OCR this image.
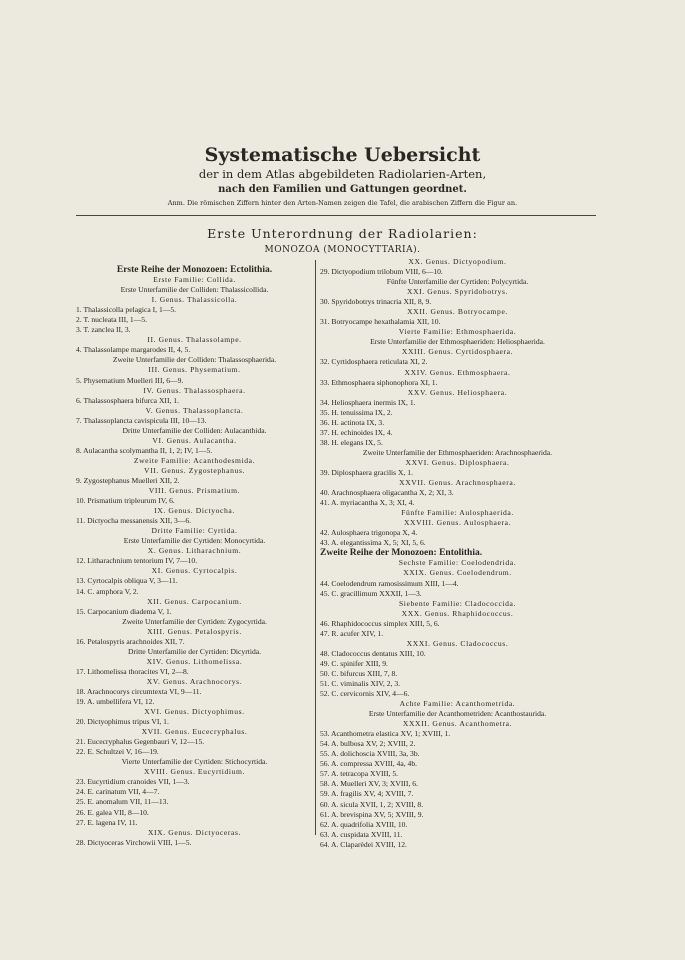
Systematische Uebersicht
der in dem Atlas abgebildeten Radiolarien-Arten,
nach den Familien und Gattungen geordnet.
Anm. Die römischen Ziffern hinter den Arten-Namen zeigen die Tafel, die arabischen Ziffern die Figur an.
Erste Unterordnung der Radiolarien:
MONOZOA (MONOCYTTARIA).
Erste Reihe der Monozoen: Ectolithia.
Erste Familie: Collida.
Erste Unterfamilie der Colliden: Thalassicollida.
I. Genus. Thalassicolla.
1. Thalassicolla pelagica I, 1—5.
2. T. nucleata III, 1—5.
3. T. zanclea II, 3.
II. Genus. Thalassolampe.
4. Thalassolampe margarodes II, 4, 5.
Zweite Unterfamilie der Colliden: Thalassosphaerida.
III. Genus. Physematium.
5. Physematium Muelleri III, 6—9.
IV. Genus. Thalassosphaera.
6. Thalassosphaera bifurca XII, 1.
V. Genus. Thalassoplancta.
7. Thalassoplancta cavispicula III, 10—13.
Dritte Unterfamilie der Colliden: Aulacanthida.
VI. Genus. Aulacantha.
8. Aulacantha scolymantha II, 1, 2; IV, 1—5.
Zweite Familie: Acanthodesmida.
VII. Genus. Zygostephanus.
9. Zygostephanus Muelleri XII, 2.
VIII. Genus. Prismatium.
10. Prismatium tripleurum IV, 6.
IX. Genus. Dictyocha.
11. Dictyocha messanensis XII, 3—6.
Dritte Familie: Cyrtida.
Erste Unterfamilie der Cyrtiden: Monocyrtida.
X. Genus. Litharachnium.
12. Litharachnium tentorium IV, 7—10.
XI. Genus. Cyrtocalpis.
13. Cyrtocalpis obliqua V, 3—11.
14. C. amphora V, 2.
XII. Genus. Carpocanium.
15. Carpocanium diadema V, 1.
Zweite Unterfamilie der Cyrtiden: Zygocyrtida.
XIII. Genus. Petalospyris.
16. Petalospyris arachnoides XII, 7.
Dritte Unterfamilie der Cyrtiden: Dicyrtida.
XIV. Genus. Lithomelissa.
17. Lithomelissa thoracites VI, 2—8.
XV. Genus. Arachnocorys.
18. Arachnocorys circumtexta VI, 9—11.
19. A. umbellifera VI, 12.
XVI. Genus. Dictyophimus.
20. Dictyophimus tripus VI, 1.
XVII. Genus. Eucecryphalus.
21. Eucecryphalus Gegenbauri V, 12—15.
22. E. Schultzei V, 16—19.
Vierte Unterfamilie der Cyrtiden: Stichocyrtida.
XVIII. Genus. Eucyrtidium.
23. Eucyrtidium cranoides VII, 1—3.
24. E. carinatum VII, 4—7.
25. E. anomalum VII, 11—13.
26. E. galea VII, 8—10.
27. E. lagena IV, 11.
XIX. Genus. Dictyoceras.
28. Dictyoceras Virchowii VIII, 1—5.
XX. Genus. Dictyopodium.
29. Dictyopodium trilobum VIII, 6—10.
Fünfte Unterfamilie der Cyrtiden: Polycyrtida.
XXI. Genus. Spyridobotrys.
30. Spyridobotrys trinacria XII, 8, 9.
XXII. Genus. Botryocampe.
31. Botryocampe hexathalamia XII, 10.
Vierte Familie: Ethmosphaerida.
Erste Unterfamilie der Ethmosphaeriden: Heliosphaerida.
XXIII. Genus. Cyrtidosphaera.
32. Cyrtidosphaera reticulata XI, 2.
XXIV. Genus. Ethmosphaera.
33. Ethmosphaera siphonophora XI, 1.
XXV. Genus. Heliosphaera.
34. Heliosphaera inermis IX, 1.
35. H. tenuissima IX, 2.
36. H. actinota IX, 3.
37. H. echinoides IX, 4.
38. H. elegans IX, 5.
Zweite Unterfamilie der Ethmosphaeriden: Arachnosphaerida.
XXVI. Genus. Diplosphaera.
39. Diplosphaera gracilis X, 1.
XXVII. Genus. Arachnosphaera.
40. Arachnosphaera oligacantha X, 2; XI, 3.
41. A. myriacantha X, 3; XI, 4.
Fünfte Familie: Aulosphaerida.
XXVIII. Genus. Aulosphaera.
42. Aulosphaera trigonopa X, 4.
43. A. elegantissima X, 5; XI, 5, 6.
Zweite Reihe der Monozoen: Entolithia.
Sechste Familie: Coelodendrida.
XXIX. Genus. Coelodendrum.
44. Coelodendrum ramosissimum XIII, 1—4.
45. C. gracillimum XXXII, 1—3.
Siebente Familie: Cladococcida.
XXX. Genus. Rhaphidococcus.
46. Rhaphidococcus simplex XIII, 5, 6.
47. R. acufer XIV, 1.
XXXI. Genus. Cladococcus.
48. Cladococcus dentatus XIII, 10.
49. C. spinifer XIII, 9.
50. C. bifurcus XIII, 7, 8.
51. C. viminalis XIV, 2, 3.
52. C. cervicornis XIV, 4—6.
Achte Familie: Acanthometrida.
Erste Unterfamilie der Acanthometriden: Acanthostaurida.
XXXII. Genus. Acanthometra.
53. Acanthometra elastica XV, 1; XVIII, 1.
54. A. bulbosa XV, 2; XVIII, 2.
55. A. dolichoscia XVIII, 3a, 3b.
56. A. compressa XVIII, 4a, 4b.
57. A. tetracopa XVIII, 5.
58. A. Muelleri XV, 3; XVIII, 6.
59. A. fragilis XV, 4; XVIII, 7.
60. A. sicula XVII, 1, 2; XVIII, 8.
61. A. brevispina XV, 5; XVIII, 9.
62. A. quadrifolia XVIII, 10.
63. A. cuspidata XVIII, 11.
64. A. Claparèdei XVIII, 12.
